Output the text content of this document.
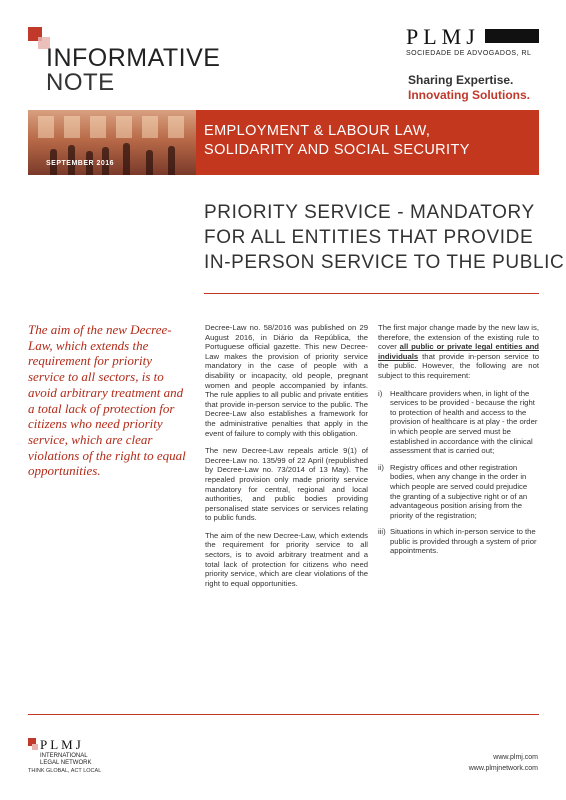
INFORMATIVE
NOTE
PLMJ
SOCIEDADE DE ADVOGADOS, RL
Sharing Expertise.
Innovating Solutions.
SEPTEMBER 2016
EMPLOYMENT & LABOUR LAW,
SOLIDARITY AND SOCIAL SECURITY
PRIORITY SERVICE - MANDATORY
FOR ALL ENTITIES THAT PROVIDE
IN-PERSON SERVICE TO THE PUBLIC
The aim of the new Decree-Law, which extends the requirement for priority service to all sectors, is to avoid arbitrary treatment and a total lack of protection for citizens who need priority service, which are clear violations of the right to equal opportunities.

Decree-Law no. 58/2016 was published on 29 August 2016, in Diário da República, the Portuguese official gazette. This new Decree-Law makes the provision of priority service mandatory in the case of people with a disability or incapacity, old people, pregnant women and people accompanied by infants. The rule applies to all public and private entities that provide in-person service to the public. The Decree-Law also establishes a framework for the administrative penalties that apply in the event of failure to comply with this obligation.

The new Decree-Law repeals article 9(1) of Decree-Law no. 135/99 of 22 April (republished by Decree-Law no. 73/2014 of 13 May). The repealed provision only made priority service mandatory for central, regional and local authorities, and public bodies providing personalised state services or services relating to public funds.

The aim of the new Decree-Law, which extends the requirement for priority service to all sectors, is to avoid arbitrary treatment and a total lack of protection for citizens who need priority service, which are clear violations of the right to equal opportunities.

The first major change made by the new law is, therefore, the extension of the existing rule to cover all public or private legal entities and individuals that provide in-person service to the public. However, the following are not subject to this requirement:

i)	Healthcare providers when, in light of the services to be provided - because the right to protection of health and access to the provision of healthcare is at play - the order in which people are served must be established in accordance with the clinical assessment that is carried out;
ii) Registry offices and other registration bodies, when any change in the order in which people are served could prejudice the granting of a subjective right or of an advantageous position arising from the priority of the registration;
iii) Situations in which in-person service to the public is provided through a system of prior appointments.
PLMJ
INTERNATIONAL
LEGAL NETWORK
THINK GLOBAL, ACT LOCAL
www.plmj.com
www.plmjnetwork.com
